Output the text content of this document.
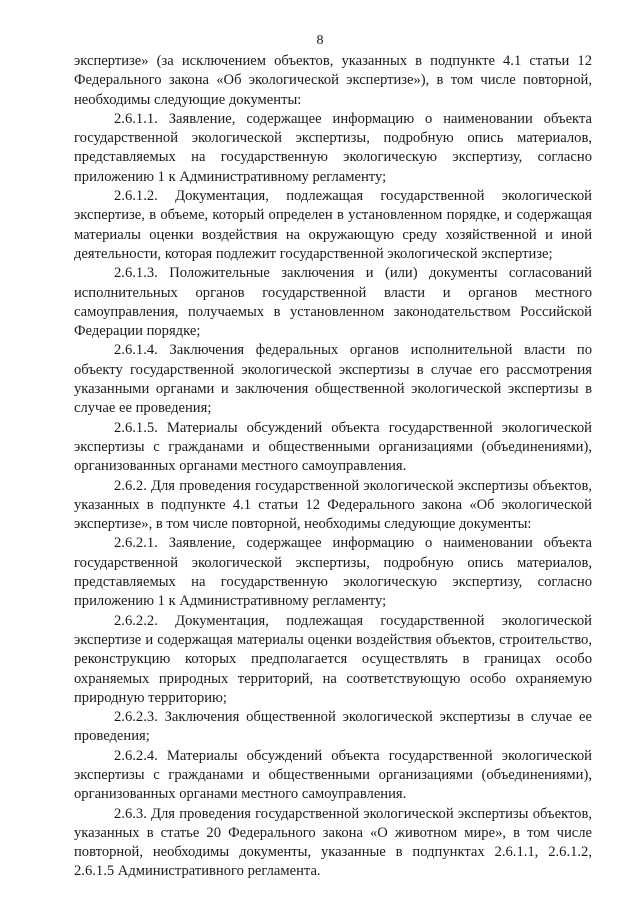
8

экспертизе» (за исключением объектов, указанных в подпункте 4.1 статьи 12 Федерального закона «Об экологической экспертизе»), в том числе повторной, необходимы следующие документы:

2.6.1.1. Заявление, содержащее информацию о наименовании объекта государственной экологической экспертизы, подробную опись материалов, представляемых на государственную экологическую экспертизу, согласно приложению 1 к Административному регламенту;

2.6.1.2. Документация, подлежащая государственной экологической экспертизе, в объеме, который определен в установленном порядке, и содержащая материалы оценки воздействия на окружающую среду хозяйственной и иной деятельности, которая подлежит государственной экологической экспертизе;

2.6.1.3. Положительные заключения и (или) документы согласований исполнительных органов государственной власти и органов местного самоуправления, получаемых в установленном законодательством Российской Федерации порядке;

2.6.1.4. Заключения федеральных органов исполнительной власти по объекту государственной экологической экспертизы в случае его рассмотрения указанными органами и заключения общественной экологической экспертизы в случае ее проведения;

2.6.1.5. Материалы обсуждений объекта государственной экологической экспертизы с гражданами и общественными организациями (объединениями), организованных органами местного самоуправления.

2.6.2. Для проведения государственной экологической экспертизы объектов, указанных в подпункте 4.1 статьи 12 Федерального закона «Об экологической экспертизе», в том числе повторной, необходимы следующие документы:

2.6.2.1. Заявление, содержащее информацию о наименовании объекта государственной экологической экспертизы, подробную опись материалов, представляемых на государственную экологическую экспертизу, согласно приложению 1 к Административному регламенту;

2.6.2.2. Документация, подлежащая государственной экологической экспертизе и содержащая материалы оценки воздействия объектов, строительство, реконструкцию которых предполагается осуществлять в границах особо охраняемых природных территорий, на соответствующую особо охраняемую природную территорию;

2.6.2.3. Заключения общественной экологической экспертизы в случае ее проведения;

2.6.2.4. Материалы обсуждений объекта государственной экологической экспертизы с гражданами и общественными организациями (объединениями), организованных органами местного самоуправления.

2.6.3. Для проведения государственной экологической экспертизы объектов, указанных в статье 20 Федерального закона «О животном мире», в том числе повторной, необходимы документы, указанные в подпунктах 2.6.1.1, 2.6.1.2, 2.6.1.5 Административного регламента.
